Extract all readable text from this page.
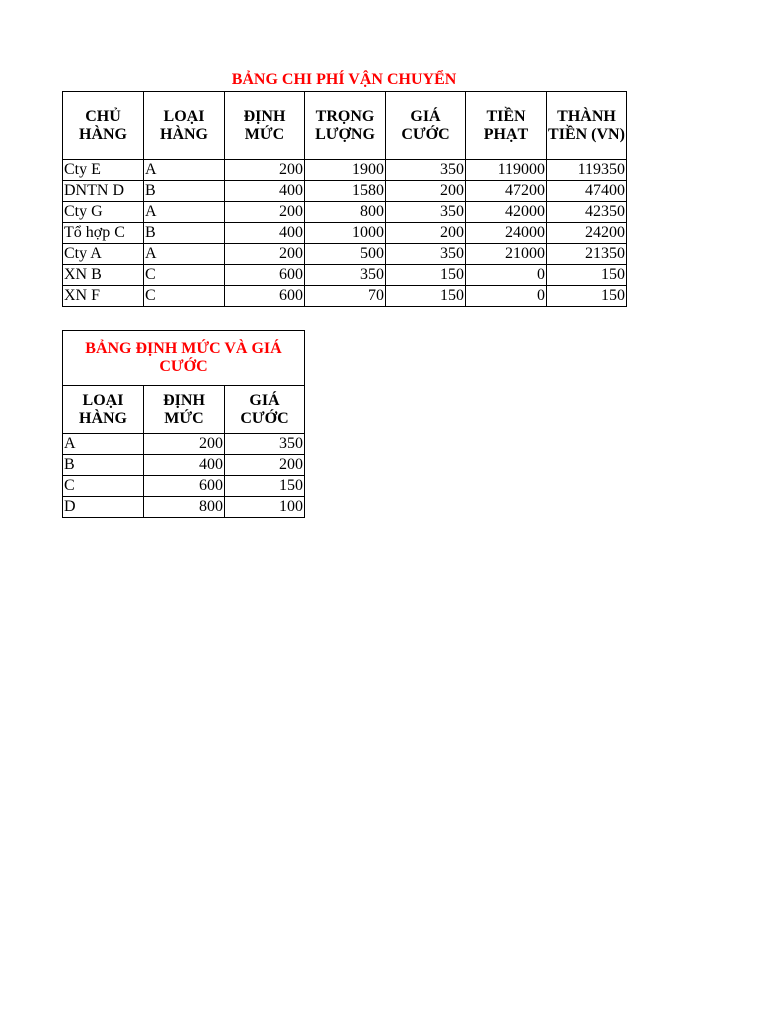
BẢNG CHI PHÍ VẬN CHUYỂN
CHỦ HÀNG	LOẠI HÀNG	ĐỊNH MỨC	TRỌNG LƯỢNG	GIÁ CƯỚC	TIỀN PHẠT	THÀNH TIỀN (VN)
Cty E	A	200	1900	350	119000	119350
DNTN D	B	400	1580	200	47200	47400
Cty G	A	200	800	350	42000	42350
Tổ hợp C	B	400	1000	200	24000	24200
Cty A	A	200	500	350	21000	21350
XN B	C	600	350	150	0	150
XN F	C	600	70	150	0	150
BẢNG ĐỊNH MỨC VÀ GIÁ CƯỚC		
LOẠI HÀNG	ĐỊNH MỨC	GIÁ CƯỚC
A	200	350
B	400	200
C	600	150
D	800	100
